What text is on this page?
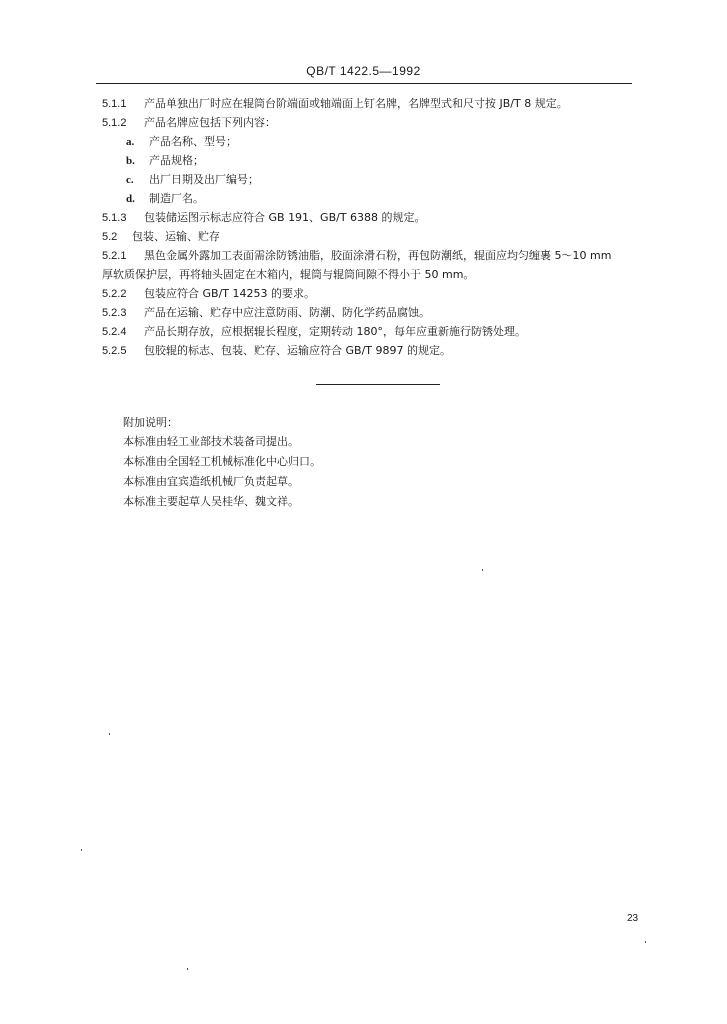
QB/T 1422.5—1992
5.1.1 产品单独出厂时应在辊筒台阶端面或轴端面上钉名牌，名牌型式和尺寸按 JB/T 8 规定。
5.1.2 产品名牌应包括下列内容：
a. 产品名称、型号；
b. 产品规格；
c. 出厂日期及出厂编号；
d. 制造厂名。
5.1.3 包装储运图示标志应符合 GB 191、GB/T 6388 的规定。
5.2 包装、运输、贮存
5.2.1 黑色金属外露加工表面需涂防锈油脂，胶面涂滑石粉，再包防潮纸，辊面应均匀缠裹 5～10 mm
厚软质保护层，再将轴头固定在木箱内，辊筒与辊筒间隙不得小于 50 mm。
5.2.2 包装应符合 GB/T 14253 的要求。
5.2.3 产品在运输、贮存中应注意防雨、防潮、防化学药品腐蚀。
5.2.4 产品长期存放，应根据辊长程度，定期转动 180°，每年应重新施行防锈处理。
5.2.5 包胶辊的标志、包装、贮存、运输应符合 GB/T 9897 的规定。
附加说明：
本标准由轻工业部技术装备司提出。
本标准由全国轻工机械标准化中心归口。
本标准由宜宾造纸机械厂负责起草。
本标准主要起草人吴桂华、魏文祥。
23
